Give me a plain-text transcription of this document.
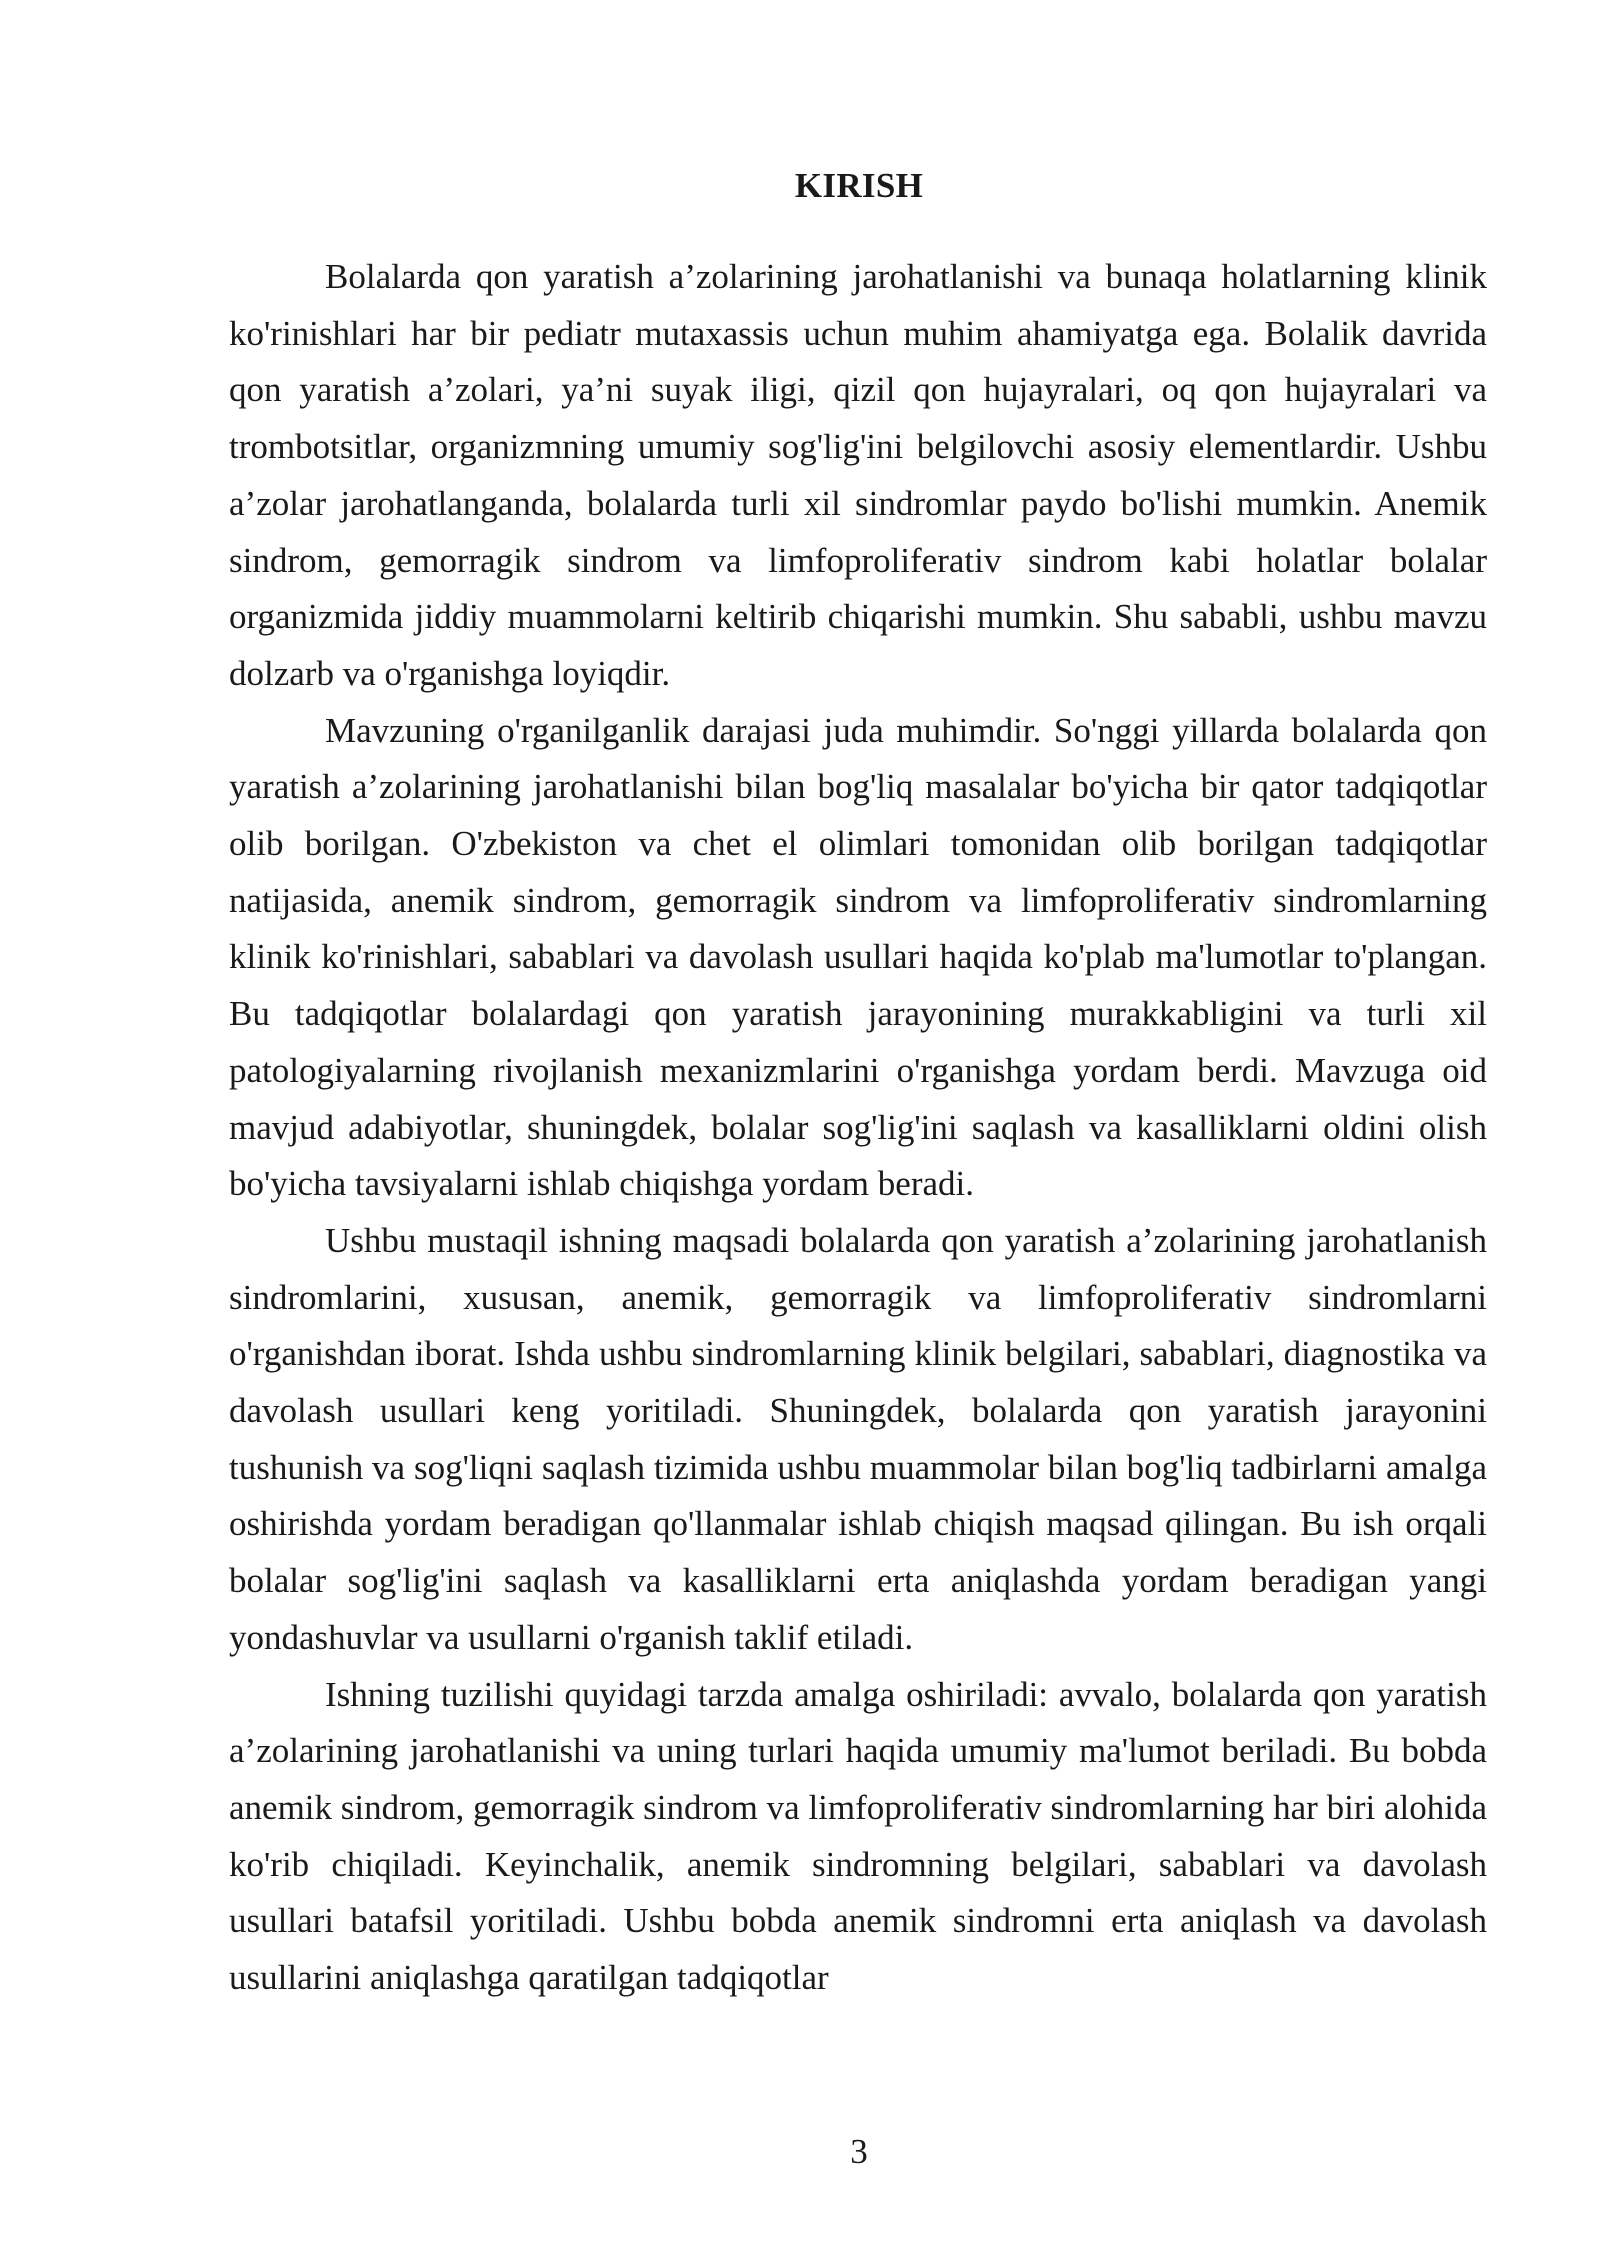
KIRISH

Bolalarda qon yaratish a’zolarining jarohatlanishi va bunaqa holatlarning klinik ko'rinishlari har bir pediatr mutaxassis uchun muhim ahamiyatga ega. Bolalik davrida qon yaratish a’zolari, ya’ni suyak iligi, qizil qon hujayralari, oq qon hujayralari va trombotsitlar, organizmning umumiy sog'lig'ini belgilovchi asosiy elementlardir. Ushbu a’zolar jarohatlanganda, bolalarda turli xil sindromlar paydo bo'lishi mumkin. Anemik sindrom, gemorragik sindrom va limfoproliferativ sindrom kabi holatlar bolalar organizmida jiddiy muammolarni keltirib chiqarishi mumkin. Shu sababli, ushbu mavzu dolzarb va o'rganishga loyiqdir.

Mavzuning o'rganilganlik darajasi juda muhimdir. So'nggi yillarda bolalarda qon yaratish a’zolarining jarohatlanishi bilan bog'liq masalalar bo'yicha bir qator tadqiqotlar olib borilgan. O'zbekiston va chet el olimlari tomonidan olib borilgan tadqiqotlar natijasida, anemik sindrom, gemorragik sindrom va limfoproliferativ sindromlarning klinik ko'rinishlari, sabablari va davolash usullari haqida ko'plab ma'lumotlar to'plangan. Bu tadqiqotlar bolalardagi qon yaratish jarayonining murakkabligini va turli xil patologiyalarning rivojlanish mexanizmlarini o'rganishga yordam berdi. Mavzuga oid mavjud adabiyotlar, shuningdek, bolalar sog'lig'ini saqlash va kasalliklarni oldini olish bo'yicha tavsiyalarni ishlab chiqishga yordam beradi.

Ushbu mustaqil ishning maqsadi bolalarda qon yaratish a’zolarining jarohatlanish sindromlarini, xususan, anemik, gemorragik va limfoproliferativ sindromlarni o'rganishdan iborat. Ishda ushbu sindromlarning klinik belgilari, sabablari, diagnostika va davolash usullari keng yoritiladi. Shuningdek, bolalarda qon yaratish jarayonini tushunish va sog'liqni saqlash tizimida ushbu muammolar bilan bog'liq tadbirlarni amalga oshirishda yordam beradigan qo'llanmalar ishlab chiqish maqsad qilingan. Bu ish orqali bolalar sog'lig'ini saqlash va kasalliklarni erta aniqlashda yordam beradigan yangi yondashuvlar va usullarni o'rganish taklif etiladi.

Ishning tuzilishi quyidagi tarzda amalga oshiriladi: avvalo, bolalarda qon yaratish a’zolarining jarohatlanishi va uning turlari haqida umumiy ma'lumot beriladi. Bu bobda anemik sindrom, gemorragik sindrom va limfoproliferativ sindromlarning har biri alohida ko'rib chiqiladi. Keyinchalik, anemik sindromning belgilari, sabablari va davolash usullari batafsil yoritiladi. Ushbu bobda anemik sindromni erta aniqlash va davolash usullarini aniqlashga qaratilgan tadqiqotlar

3
